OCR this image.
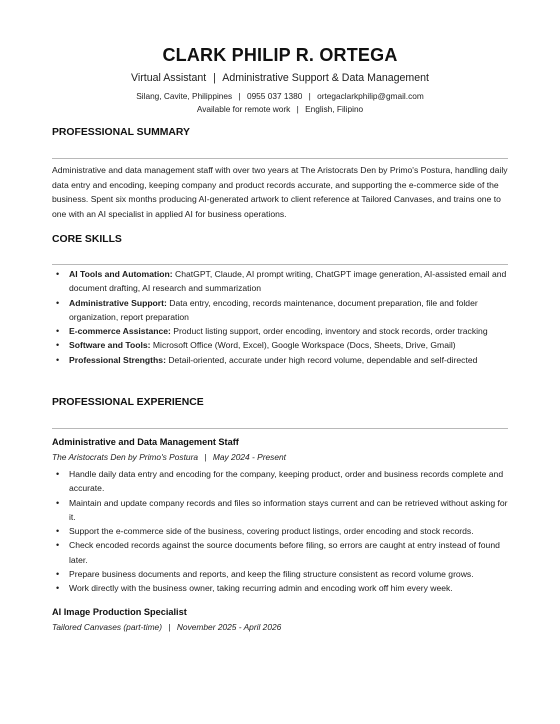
CLARK PHILIP R. ORTEGA
Virtual Assistant | Administrative Support & Data Management
Silang, Cavite, Philippines | 0955 037 1380 | ortegaclarkphilip@gmail.com
Available for remote work | English, Filipino
PROFESSIONAL SUMMARY
Administrative and data management staff with over two years at The Aristocrats Den by Primo's Postura, handling daily data entry and encoding, keeping company and product records accurate, and supporting the e-commerce side of the business. Spent six months producing AI-generated artwork to client reference at Tailored Canvases, and trains one to one with an AI specialist in applied AI for business operations.
CORE SKILLS
• AI Tools and Automation: ChatGPT, Claude, AI prompt writing, ChatGPT image generation, AI-assisted email and document drafting, AI research and summarization
• Administrative Support: Data entry, encoding, records maintenance, document preparation, file and folder organization, report preparation
• E-commerce Assistance: Product listing support, order encoding, inventory and stock records, order tracking
• Software and Tools: Microsoft Office (Word, Excel), Google Workspace (Docs, Sheets, Drive, Gmail)
• Professional Strengths: Detail-oriented, accurate under high record volume, dependable and self-directed
PROFESSIONAL EXPERIENCE
Administrative and Data Management Staff
The Aristocrats Den by Primo's Postura | May 2024 - Present
• Handle daily data entry and encoding for the company, keeping product, order and business records complete and accurate.
• Maintain and update company records and files so information stays current and can be retrieved without asking for it.
• Support the e-commerce side of the business, covering product listings, order encoding and stock records.
• Check encoded records against the source documents before filing, so errors are caught at entry instead of found later.
• Prepare business documents and reports, and keep the filing structure consistent as record volume grows.
• Work directly with the business owner, taking recurring admin and encoding work off him every week.
AI Image Production Specialist
Tailored Canvases (part-time) | November 2025 - April 2026
